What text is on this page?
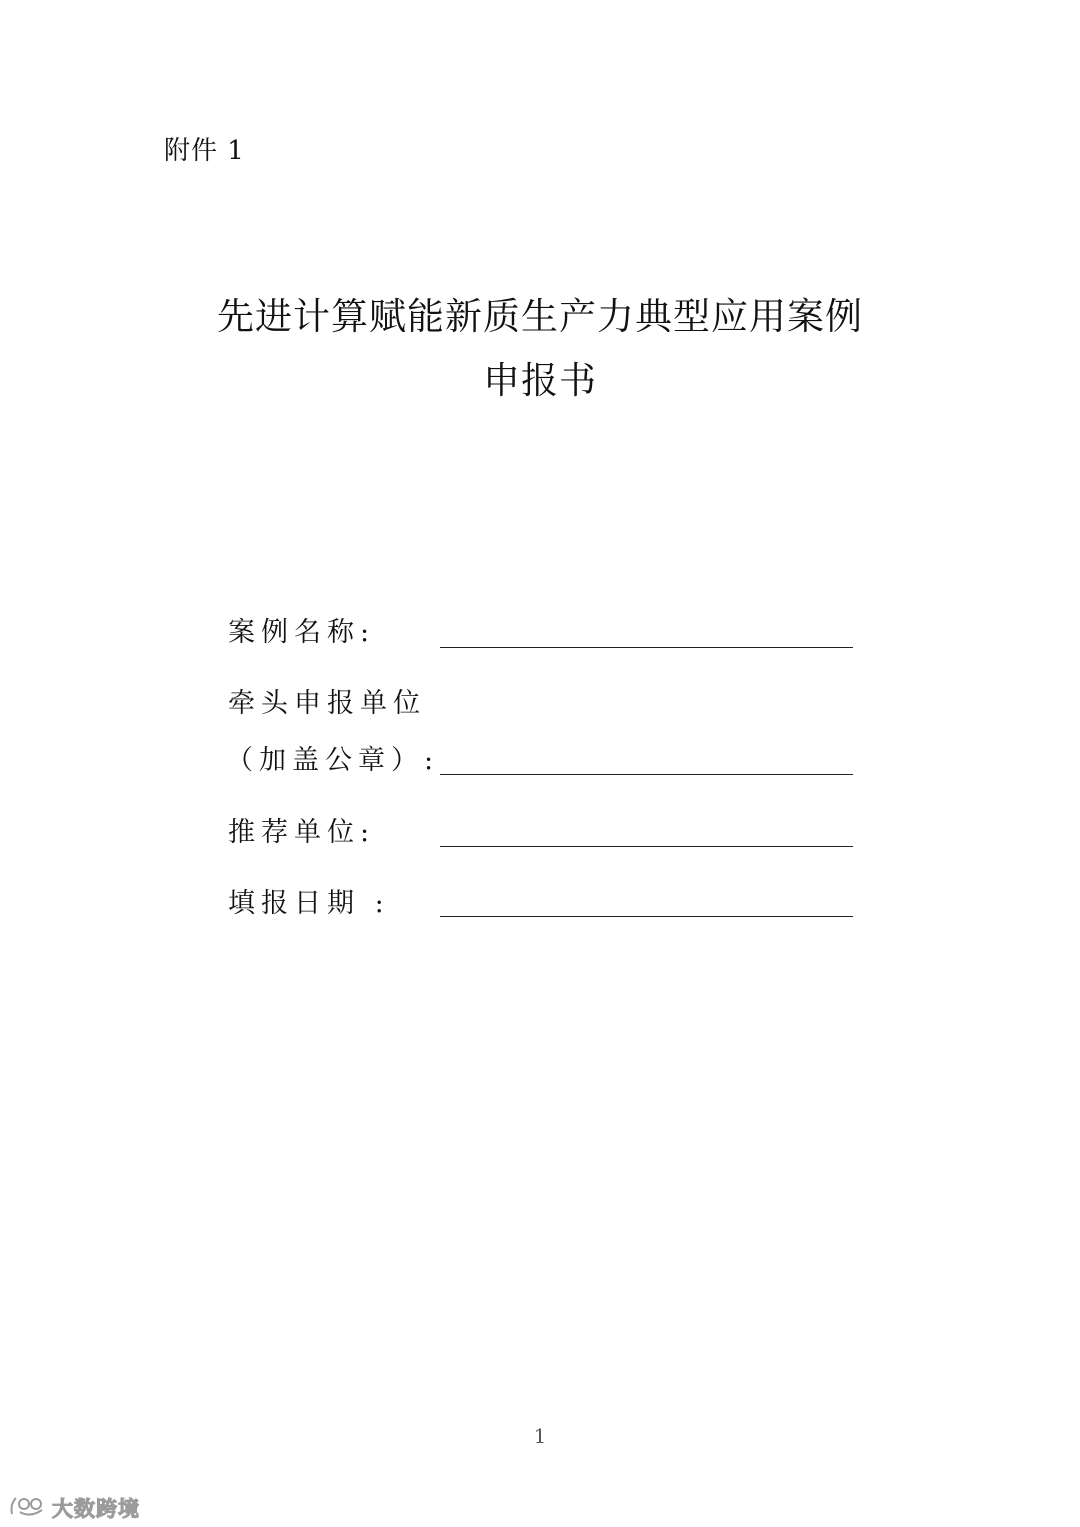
附件 1
先进计算赋能新质生产力典型应用案例
申报书
案例名称:
牵头申报单位
（加盖公章）:
推荐单位:
填报日期 :
1
大数跨境
